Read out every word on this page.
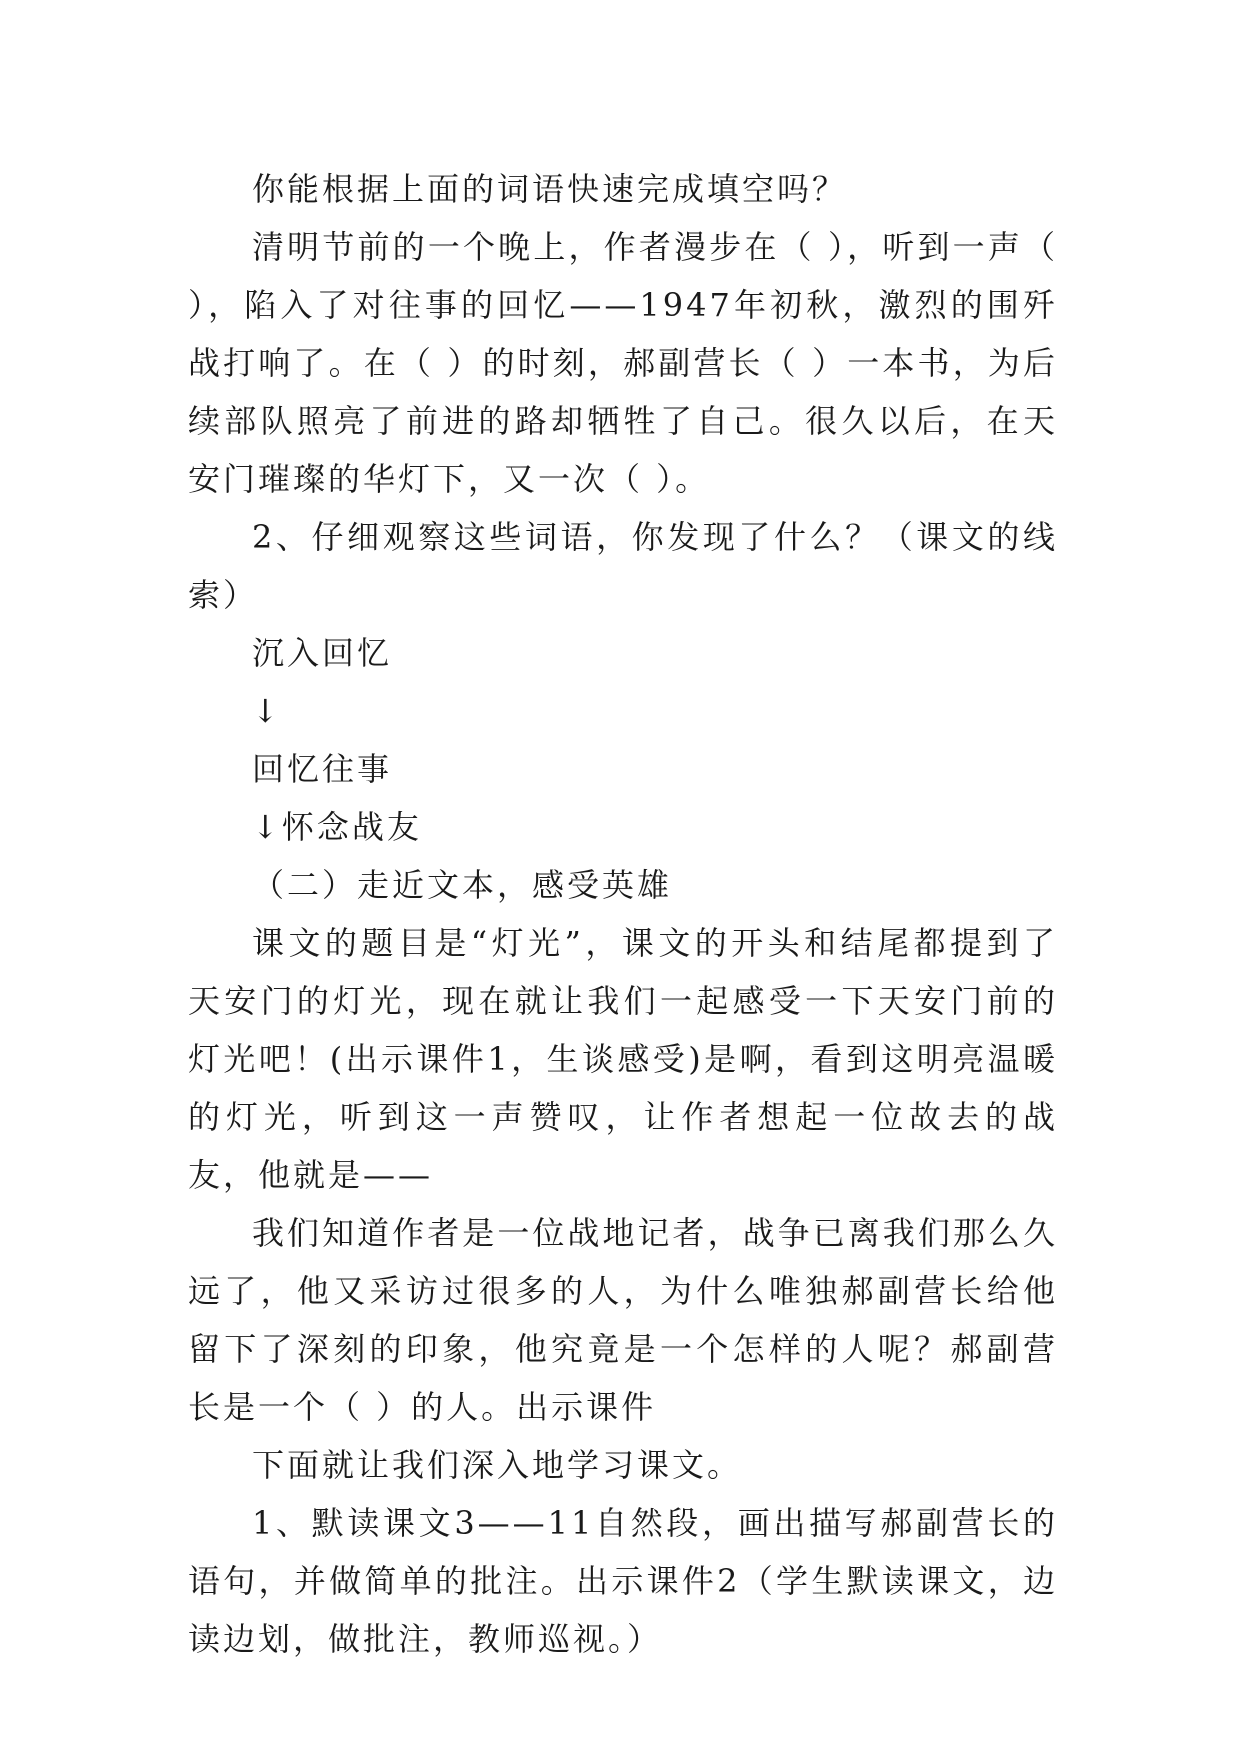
你能根据上面的词语快速完成填空吗？

清明节前的一个晚上，作者漫步在（ ），听到一声（ ），陷入了对往事的回忆——1947年初秋，激烈的围歼战打响了。在（ ）的时刻，郝副营长（ ）一本书，为后续部队照亮了前进的路却牺牲了自己。很久以后，在天安门璀璨的华灯下，又一次（ ）。

2、仔细观察这些词语，你发现了什么？（课文的线索）

沉入回忆

↓

回忆往事

↓怀念战友

（二）走近文本，感受英雄

课文的题目是“灯光”，课文的开头和结尾都提到了天安门的灯光，现在就让我们一起感受一下天安门前的灯光吧！(出示课件1，生谈感受)是啊，看到这明亮温暖的灯光，听到这一声赞叹，让作者想起一位故去的战友，他就是——

我们知道作者是一位战地记者，战争已离我们那么久远了，他又采访过很多的人，为什么唯独郝副营长给他留下了深刻的印象，他究竟是一个怎样的人呢？郝副营长是一个（ ）的人。出示课件

下面就让我们深入地学习课文。

1、默读课文3——11自然段，画出描写郝副营长的语句，并做简单的批注。出示课件2（学生默读课文，边读边划，做批注，教师巡视。）
